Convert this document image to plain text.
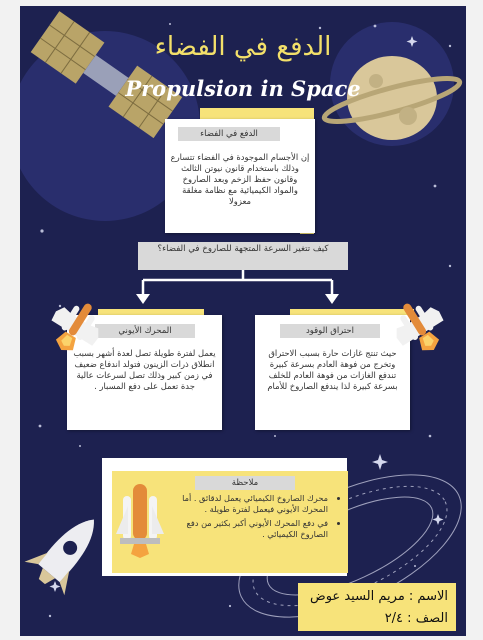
الدفع في الفضاء
Propulsion in Space
الدفع في الفضاء
إن الأجسام الموجودة في الفضاء تتسارع وذلك باستخدام قانون نيوتن الثالث وقانون حفظ الزخم وبعد الصاروخ والمواد الكيميائية مع نظامة مغلقة معزولا
كيف تتغير السرعة المتجهة للصاروخ في الفضاء؟
احتراق الوقود
حيث تنتج غازات حارة بسبب الاحتراق وتخرج من فوهة العادم بسرعة كبيرة تندفع الغازات من فوهة العادم للخلف بسرعة كبيرة لذا يندفع الصاروخ للأمام
المحرك الأيوني
يعمل لفترة طويلة تصل لعدة أشهر بسبب انطلاق ذرات الزينون فتولد اندفاع ضعيف في زمن كبير وذلك تصل لسرعات عالية جدة تعمل على دفع المسبار .
ملاحظة
• محرك الصاروخ الكيميائي يعمل لدقائق . أما المحرك الأيوني فيعمل لفترة طويلة .
• في دفع المحرك الأيوني أكبر بكثير من دفع الصاروخ الكيميائي .
الاسم : مريم السيد عوض
الصف : ٢/٤
